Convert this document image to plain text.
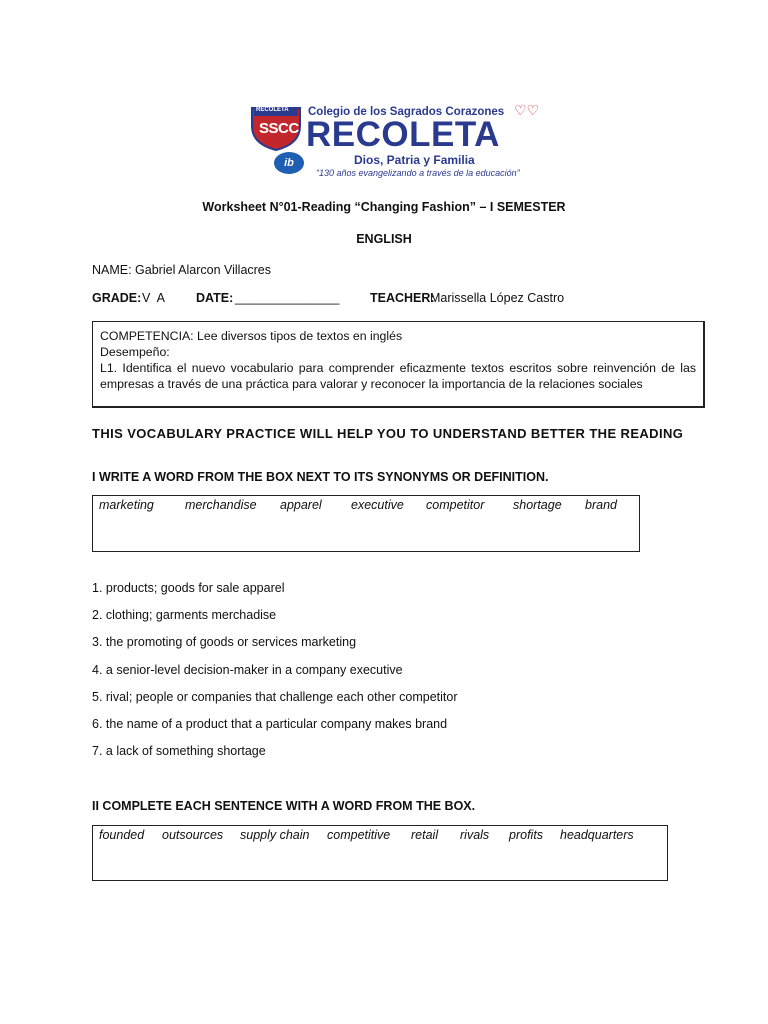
RECOLETA
SSCC
Colegio de los Sagrados Corazones ♡♡
RECOLETA
ib	Dios, Patria y Familia
“130 años evangelizando a través de la educación”
Worksheet N°01-Reading “Changing Fashion” – I SEMESTER
ENGLISH
NAME: Gabriel Alarcon Villacres
GRADE: V  A DATE: _______________ TEACHER:
Marissella López Castro
COMPETENCIA: Lee diversos tipos de textos en inglés
Desempeño:
L1. Identifica el nuevo vocabulario para comprender eficazmente textos escritos sobre reinvención de las empresas a través de una práctica para valorar y reconocer la importancia de la relaciones sociales
THIS VOCABULARY PRACTICE WILL HELP YOU TO UNDERSTAND BETTER THE READING
I WRITE A WORD FROM THE BOX NEXT TO ITS SYNONYMS OR DEFINITION.
marketing merchandise apparel executive competitor shortage brand
1. products; goods for sale apparel
2. clothing; garments merchadise
3. the promoting of goods or services marketing
4. a senior-level decision-maker in a company executive
5. rival; people or companies that challenge each other competitor
6. the name of a product that a particular company makes brand
7. a lack of something shortage
II COMPLETE EACH SENTENCE WITH A WORD FROM THE BOX.
founded outsources supply chain competitive retail rivals profits headquarters
